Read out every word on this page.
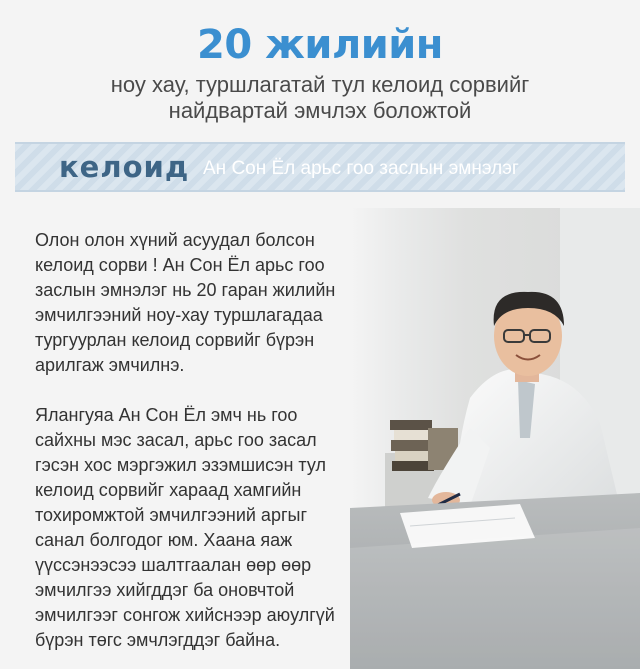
20 жилийн
ноу хау, туршлагатай тул келоид сорвийг
найдвартай эмчлэх боложтой
келоид Ан Сон Ёл арьс гоо заслын эмнэлэг
Олон олон хүний асуудал болсон
келоид сорви ! Ан Сон Ёл арьс гоо
заслын эмнэлэг нь 20 гаран жилийн
эмчилгээний ноу-хау туршлагадаа
тургуурлан келоид сорвийг бүрэн
арилгаж эмчилнэ.
Ялангуяа Ан Сон Ёл эмч нь гоо
сайхны мэс засал, арьс гоо засал
гэсэн хос мэргэжил эзэмшисэн тул
келоид сорвийг хараад хамгийн
тохиромжтой эмчилгээний аргыг
санал болгодог юм. Хаана яаж
үүссэнээсээ шалтгаалан өөр өөр
эмчилгээ хийгддэг ба оновчтой
эмчилгээг сонгож хийснээр аюулгүй
бүрэн төгс эмчлэгддэг байна.
